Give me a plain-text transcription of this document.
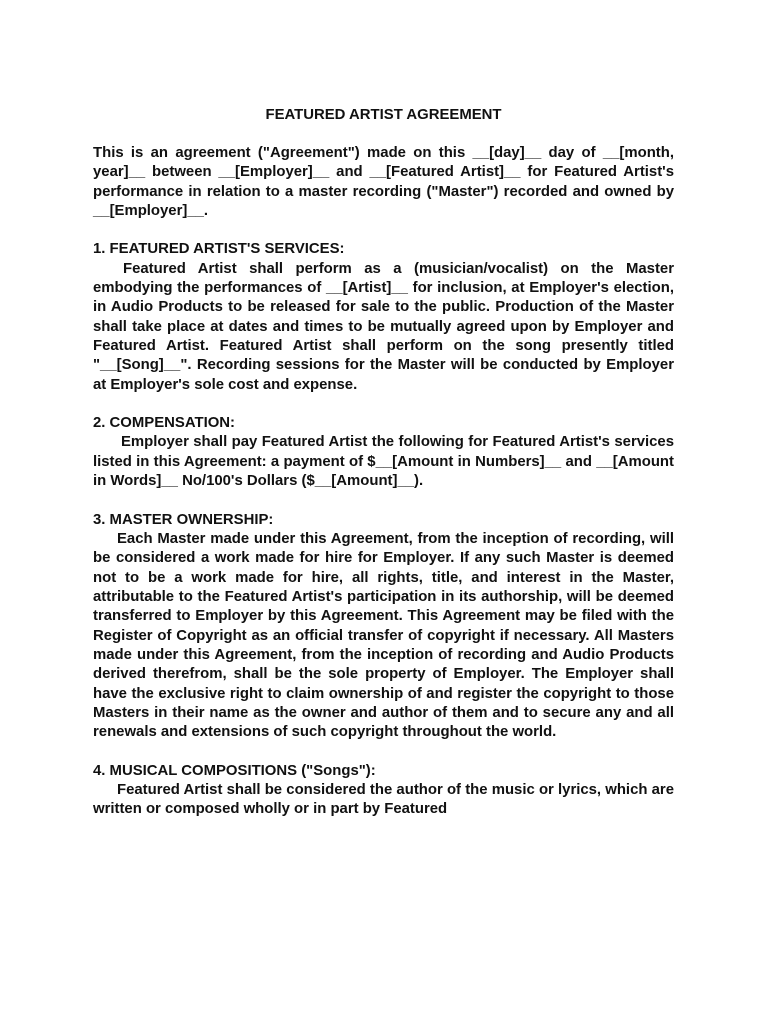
FEATURED ARTIST AGREEMENT

This is an agreement ("Agreement") made on this __[day]__ day of __[month, year]__ between __[Employer]__ and __[Featured Artist]__ for Featured Artist's performance in relation to a master recording ("Master") recorded and owned by __[Employer]__.

1. FEATURED ARTIST'S SERVICES:

Featured Artist shall perform as a (musician/vocalist) on the Master embodying the performances of __[Artist]__ for inclusion, at Employer's election, in Audio Products to be released for sale to the public. Production of the Master shall take place at dates and times to be mutually agreed upon by Employer and Featured Artist. Featured Artist shall perform on the song presently titled "__[Song]__". Recording sessions for the Master will be conducted by Employer at Employer's sole cost and expense.

2. COMPENSATION:

Employer shall pay Featured Artist the following for Featured Artist's services listed in this Agreement: a payment of $__[Amount in Numbers]__ and __[Amount in Words]__ No/100's Dollars ($__[Amount]__).

3. MASTER OWNERSHIP:

Each Master made under this Agreement, from the inception of recording, will be considered a work made for hire for Employer. If any such Master is deemed not to be a work made for hire, all rights, title, and interest in the Master, attributable to the Featured Artist's participation in its authorship, will be deemed transferred to Employer by this Agreement. This Agreement may be filed with the Register of Copyright as an official transfer of copyright if necessary. All Masters made under this Agreement, from the inception of recording and Audio Products derived therefrom, shall be the sole property of Employer. The Employer shall have the exclusive right to claim ownership of and register the copyright to those Masters in their name as the owner and author of them and to secure any and all renewals and extensions of such copyright throughout the world.

4. MUSICAL COMPOSITIONS ("Songs"):

Featured Artist shall be considered the author of the music or lyrics, which are written or composed wholly or in part by Featured
